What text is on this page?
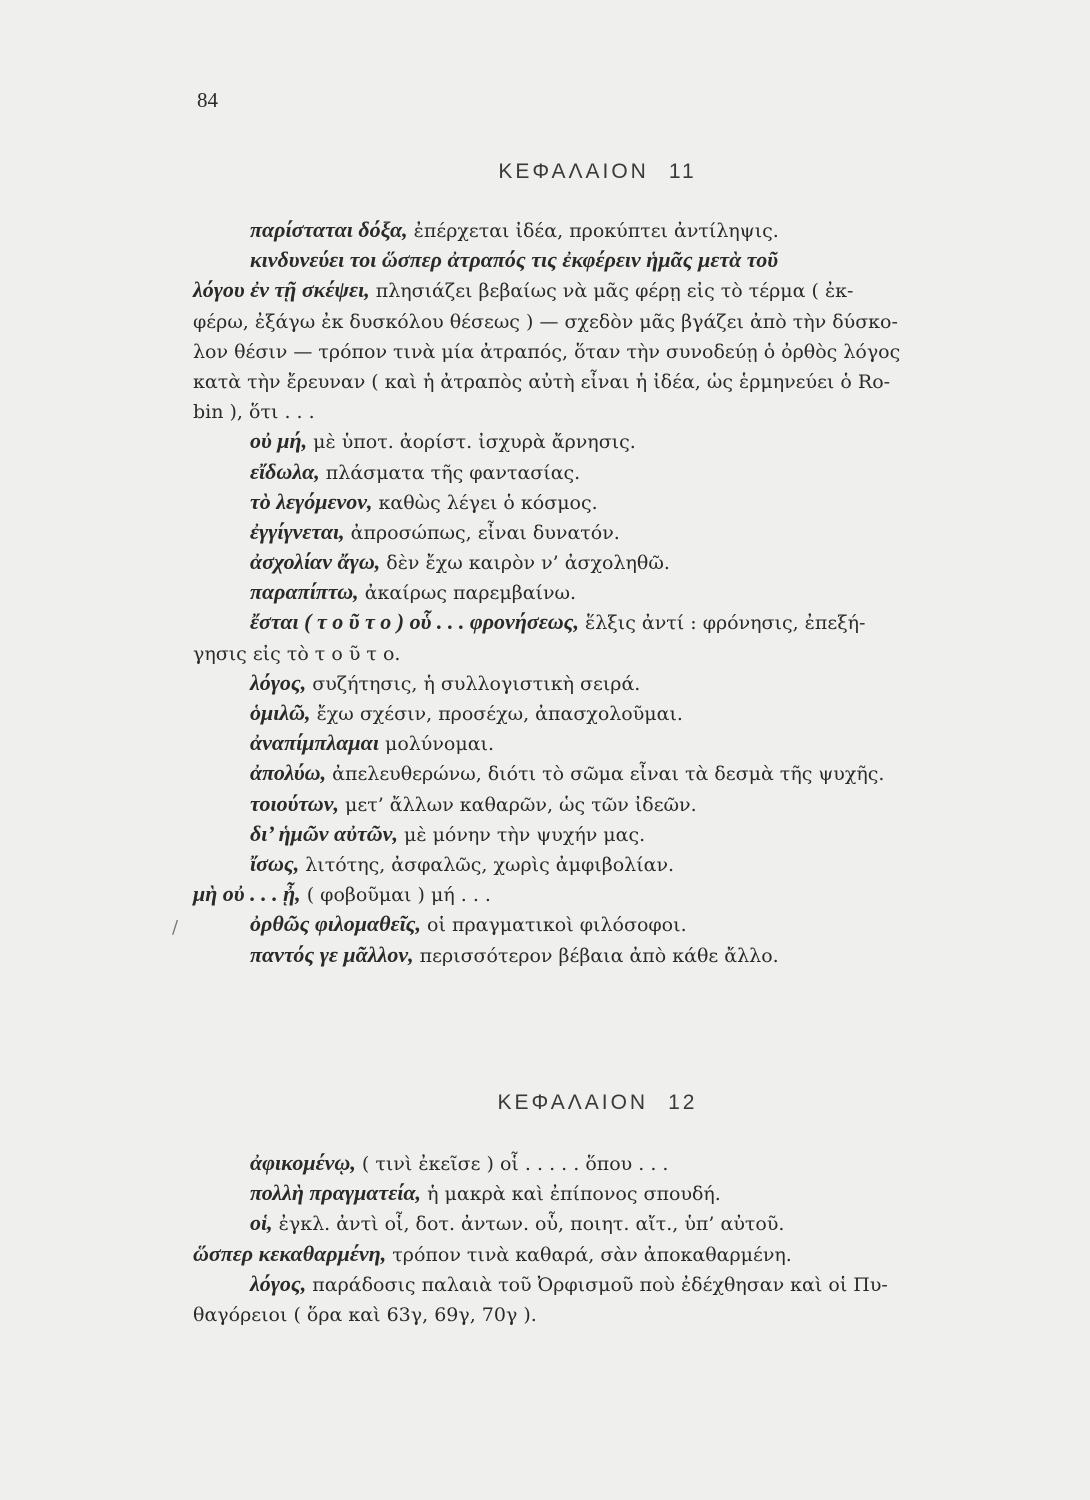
84
ΚΕΦΑΛΑΙΟΝ 11
παρίσταται δόξα, ἐπέρχεται ἰδέα, προκύπτει ἀντίληψις.
κινδυνεύει τοι ὥσπερ ἀτραπός τις ἐκφέρειν ἡμᾶς μετὰ τοῦ
λόγου ἐν τῇ σκέψει, πλησιάζει βεβαίως νὰ μᾶς φέρῃ εἰς τὸ τέρμα ( ἐκ-
φέρω, ἐξάγω ἐκ δυσκόλου θέσεως ) — σχεδὸν μᾶς βγάζει ἀπὸ τὴν δύσκο-
λον θέσιν — τρόπον τινὰ μία ἀτραπός, ὅταν τὴν συνοδεύῃ ὁ ὀρθὸς λόγος
κατὰ τὴν ἔρευναν ( καὶ ἡ ἀτραπὸς αὐτὴ εἶναι ἡ ἰδέα, ὡς ἑρμηνεύει ὁ Ro-
bin ), ὅτι . . .
οὐ μή, μὲ ὑποτ. ἀορίστ. ἰσχυρὰ ἄρνησις.
εἴδωλα, πλάσματα τῆς φαντασίας.
τὸ λεγόμενον, καθὼς λέγει ὁ κόσμος.
ἐγγίγνεται, ἀπροσώπως, εἶναι δυνατόν.
ἀσχολίαν ἄγω, δὲν ἔχω καιρὸν ν’ ἀσχοληθῶ.
παραπίπτω, ἀκαίρως παρεμβαίνω.
ἔσται ( τ ο ῦ τ ο ) οὗ . . . φρονήσεως, ἕλξις ἀντί : φρόνησις, ἐπεξή-
γησις εἰς τὸ τ ο ῦ τ ο.
λόγος, συζήτησις, ἡ συλλογιστικὴ σειρά.
ὁμιλῶ, ἔχω σχέσιν, προσέχω, ἀπασχολοῦμαι.
ἀναπίμπλαμαι μολύνομαι.
ἀπολύω, ἀπελευθερώνω, διότι τὸ σῶμα εἶναι τὰ δεσμὰ τῆς ψυχῆς.
τοιούτων, μετ’ ἄλλων καθαρῶν, ὡς τῶν ἰδεῶν.
δι’ ἡμῶν αὐτῶν, μὲ μόνην τὴν ψυχήν μας.
ἴσως, λιτότης, ἀσφαλῶς, χωρὶς ἀμφιβολίαν.
μὴ οὐ . . . ᾖ, ( φοβοῦμαι ) μή . . .
ὀρθῶς φιλομαθεῖς, οἱ πραγματικοὶ φιλόσοφοι.
παντός γε μᾶλλον, περισσότερον βέβαια ἀπὸ κάθε ἄλλο.
/
ΚΕΦΑΛΑΙΟΝ 12
ἀφικομένῳ, ( τινὶ ἐκεῖσε ) οἷ . . . . . ὅπου . . .
πολλὴ πραγματεία, ἡ μακρὰ καὶ ἐπίπονος σπουδή.
οἱ, ἐγκλ. ἀντὶ οἷ, δοτ. ἀντων. οὗ, ποιητ. αἴτ., ὑπ’ αὐτοῦ.
ὥσπερ κεκαθαρμένη, τρόπον τινὰ καθαρά, σὰν ἀποκαθαρμένη.
λόγος, παράδοσις παλαιὰ τοῦ Ὀρφισμοῦ ποὺ ἐδέχθησαν καὶ οἱ Πυ-
θαγόρειοι ( ὅρα καὶ 63γ, 69γ, 70γ ).
